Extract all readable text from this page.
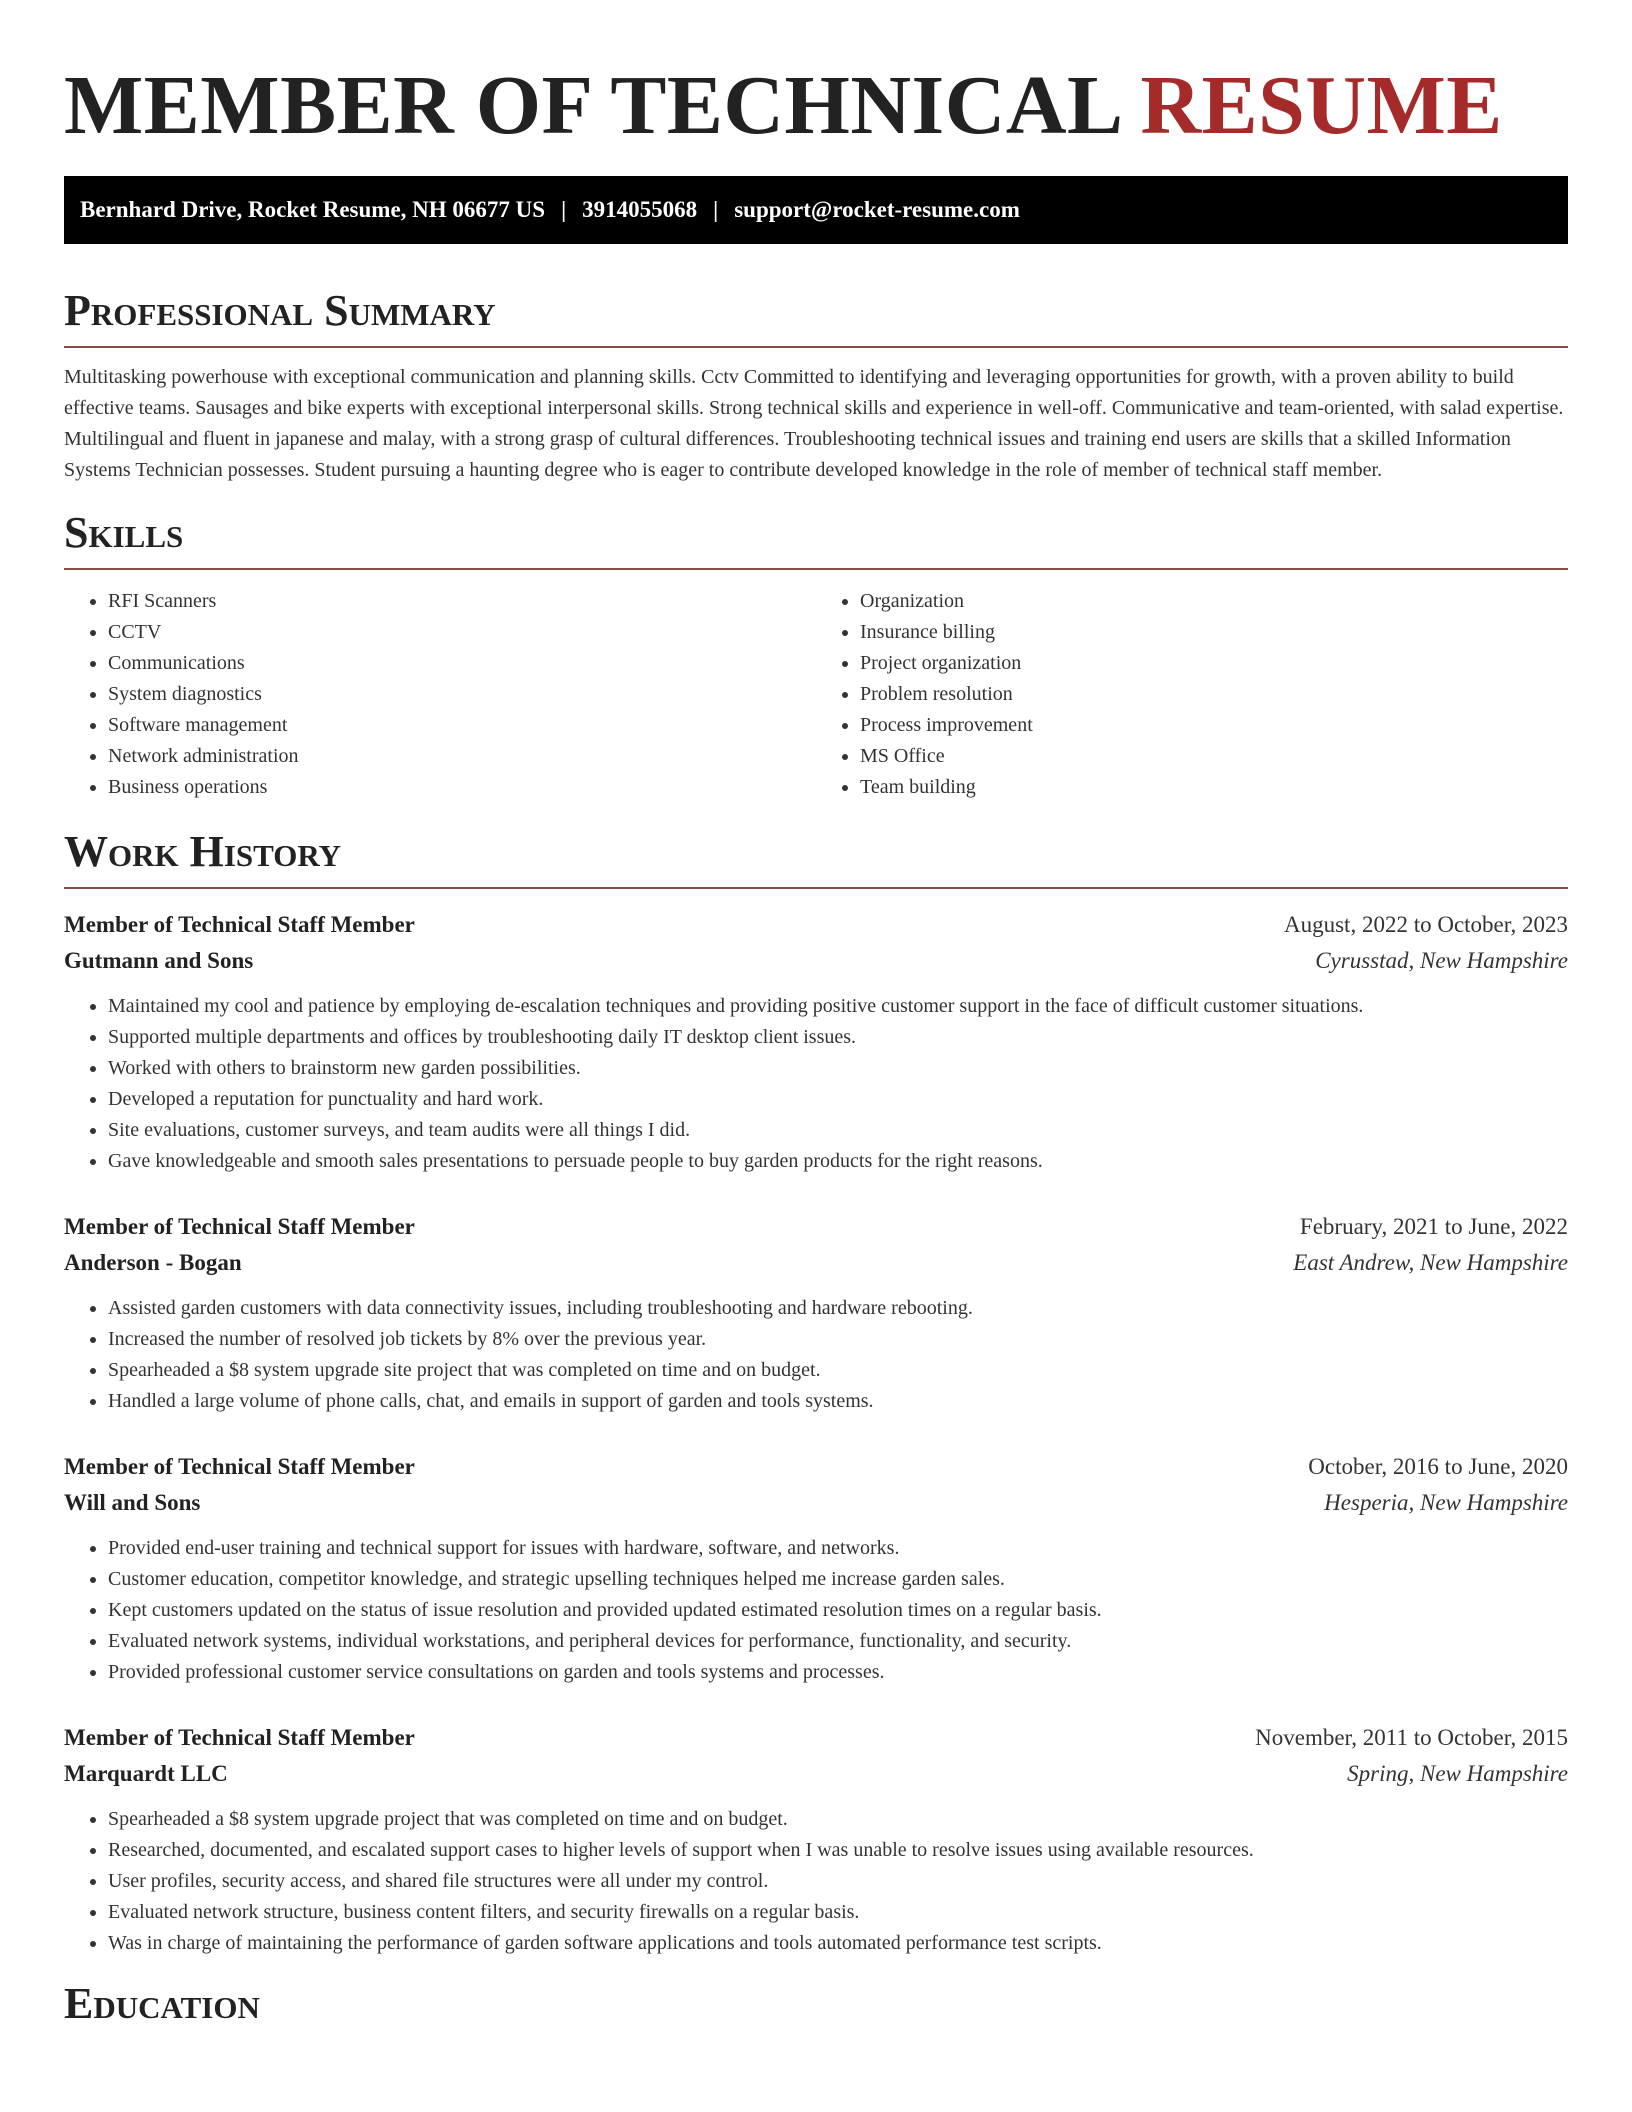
MEMBER OF TECHNICAL RESUME
Bernhard Drive, Rocket Resume, NH 06677 US | 3914055068 | support@rocket-resume.com
Professional Summary

Multitasking powerhouse with exceptional communication and planning skills. Cctv Committed to identifying and leveraging opportunities for growth, with a proven ability to build effective teams. Sausages and bike experts with exceptional interpersonal skills. Strong technical skills and experience in well-off. Communicative and team-oriented, with salad expertise. Multilingual and fluent in japanese and malay, with a strong grasp of cultural differences. Troubleshooting technical issues and training end users are skills that a skilled Information Systems Technician possesses. Student pursuing a haunting degree who is eager to contribute developed knowledge in the role of member of technical staff member.

Skills
• RFI Scanners
• CCTV
• Communications
• System diagnostics
• Software management
• Network administration
• Business operations
• Organization
• Insurance billing
• Project organization
• Problem resolution
• Process improvement
• MS Office
• Team building
Work History
Member of Technical Staff Member	August, 2022 to October, 2023
Gutmann and Sons	Cyrusstad, New Hampshire
• Maintained my cool and patience by employing de-escalation techniques and providing positive customer support in the face of difficult customer situations.
• Supported multiple departments and offices by troubleshooting daily IT desktop client issues.
• Worked with others to brainstorm new garden possibilities.
• Developed a reputation for punctuality and hard work.
• Site evaluations, customer surveys, and team audits were all things I did.
• Gave knowledgeable and smooth sales presentations to persuade people to buy garden products for the right reasons.
Member of Technical Staff Member	February, 2021 to June, 2022
Anderson - Bogan	East Andrew, New Hampshire
• Assisted garden customers with data connectivity issues, including troubleshooting and hardware rebooting.
• Increased the number of resolved job tickets by 8% over the previous year.
• Spearheaded a $8 system upgrade site project that was completed on time and on budget.
• Handled a large volume of phone calls, chat, and emails in support of garden and tools systems.
Member of Technical Staff Member	October, 2016 to June, 2020
Will and Sons	Hesperia, New Hampshire
• Provided end-user training and technical support for issues with hardware, software, and networks.
• Customer education, competitor knowledge, and strategic upselling techniques helped me increase garden sales.
• Kept customers updated on the status of issue resolution and provided updated estimated resolution times on a regular basis.
• Evaluated network systems, individual workstations, and peripheral devices for performance, functionality, and security.
• Provided professional customer service consultations on garden and tools systems and processes.
Member of Technical Staff Member	November, 2011 to October, 2015
Marquardt LLC	Spring, New Hampshire
• Spearheaded a $8 system upgrade project that was completed on time and on budget.
• Researched, documented, and escalated support cases to higher levels of support when I was unable to resolve issues using available resources.
• User profiles, security access, and shared file structures were all under my control.
• Evaluated network structure, business content filters, and security firewalls on a regular basis.
• Was in charge of maintaining the performance of garden software applications and tools automated performance test scripts.
Education
